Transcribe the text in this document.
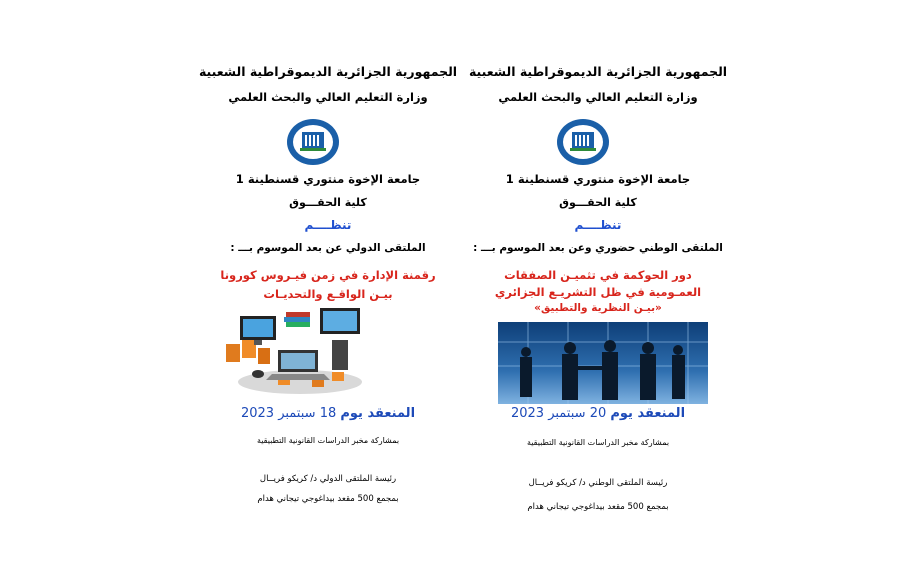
الجمهورية الجزائرية الديموقراطية الشعبية
وزارة التعليم العالي والبحث العلمي
جامعة الإخوة منتوري قسنطينة 1
كلية الحقـــوق
تنظــــم
الملتقى الدولي عن بعد الموسوم بـــ :
رقمنة الإدارة في زمن فيـروس كورونا
بيـن الواقـع والتحديـات
المنعقد يوم 18 سبتمبر 2023
بمشاركة مخبر الدراسات القانونية التطبيقية
رئيسة الملتقى الدولي د/ كريكو فريــال
بمجمع 500 مقعد بيداغوجي تيجاني هدام
الجمهورية الجزائرية الديموقراطية الشعبية
وزارة التعليم العالي والبحث العلمي
جامعة الإخوة منتوري قسنطينة 1
كلية الحقـــوق
تنظــــم
الملتقى الوطني حضوري وعن بعد الموسوم بـــ :
دور الحوكمة في تثميـن الصفقات
العمـومية في ظل التشريـع الجزائري
«بيـن النظرية والتطبيق»
المنعقد يوم 20 سبتمبر 2023
بمشاركة مخبر الدراسات القانونية التطبيقية
رئيسة الملتقى الوطني د/ كريكو فريــال
بمجمع 500 مقعد بيداغوجي تيجاني هدام
